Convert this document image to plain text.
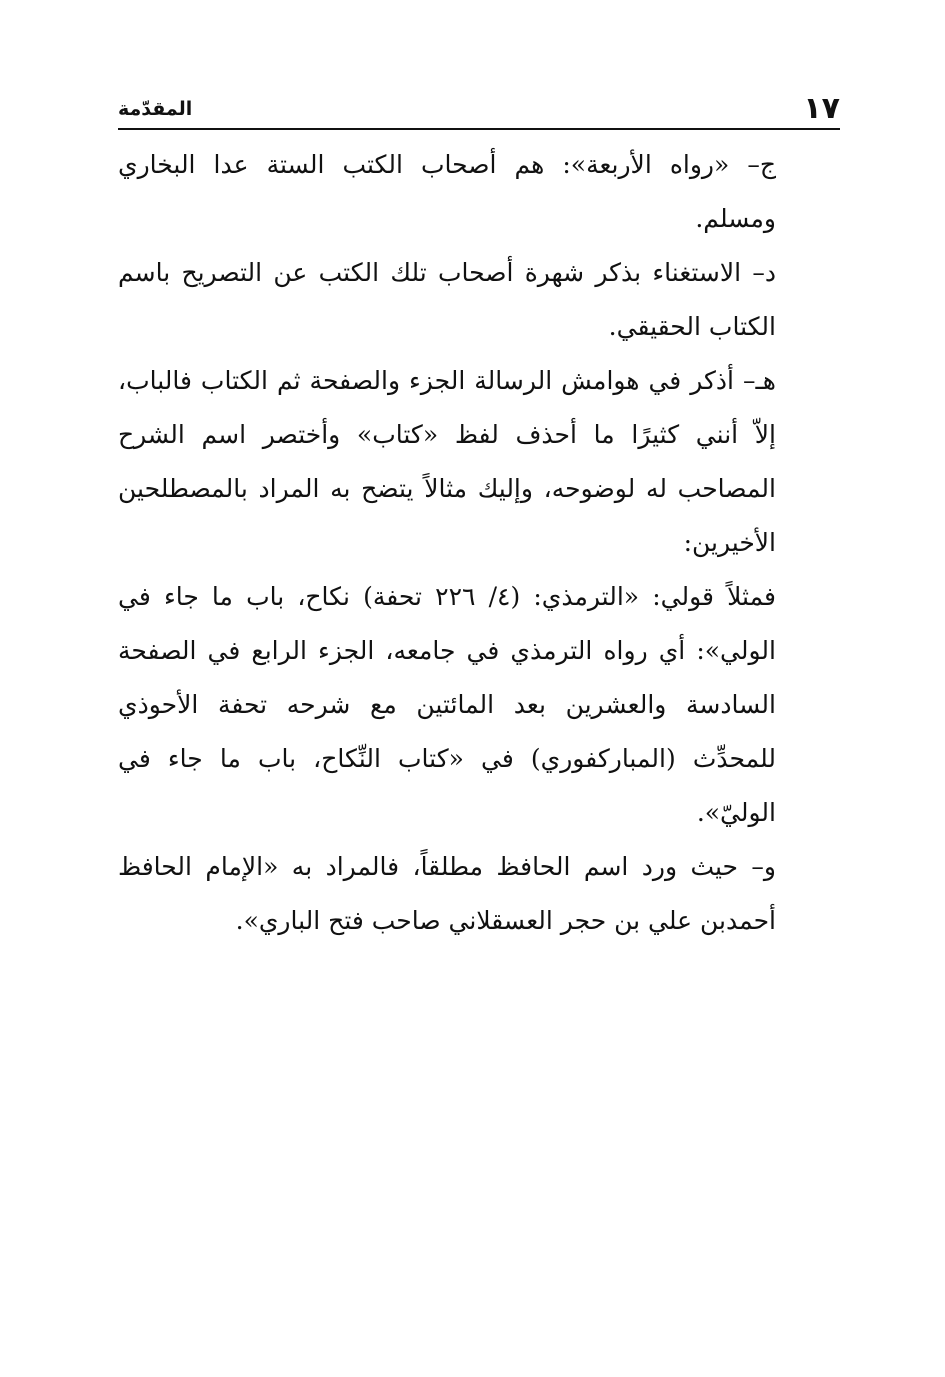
١٧
المقدّمة

ج– «رواه الأربعة»: هم أصحاب الكتب الستة عدا البخاري ومسلم.

د– الاستغناء بذكر شهرة أصحاب تلك الكتب عن التصريح باسم الكتاب الحقيقي.

هـ– أذكر في هوامش الرسالة الجزء والصفحة ثم الكتاب فالباب، إلاّ أنني كثيرًا ما أحذف لفظ «كتاب» وأختصر اسم الشرح المصاحب له لوضوحه، وإليك مثالاً يتضح به المراد بالمصطلحين الأخيرين:

فمثلاً قولي: «الترمذي: (٤/ ٢٢٦ تحفة) نكاح، باب ما جاء في الولي»: أي رواه الترمذي في جامعه، الجزء الرابع في الصفحة السادسة والعشرين بعد المائتين مع شرحه تحفة الأحوذي للمحدِّث (المباركفوري) في «كتاب النِّكاح، باب ما جاء في الوليّ».

و– حيث ورد اسم الحافظ مطلقاً، فالمراد به «الإمام الحافظ أحمدبن علي بن حجر العسقلاني صاحب فتح الباري».
